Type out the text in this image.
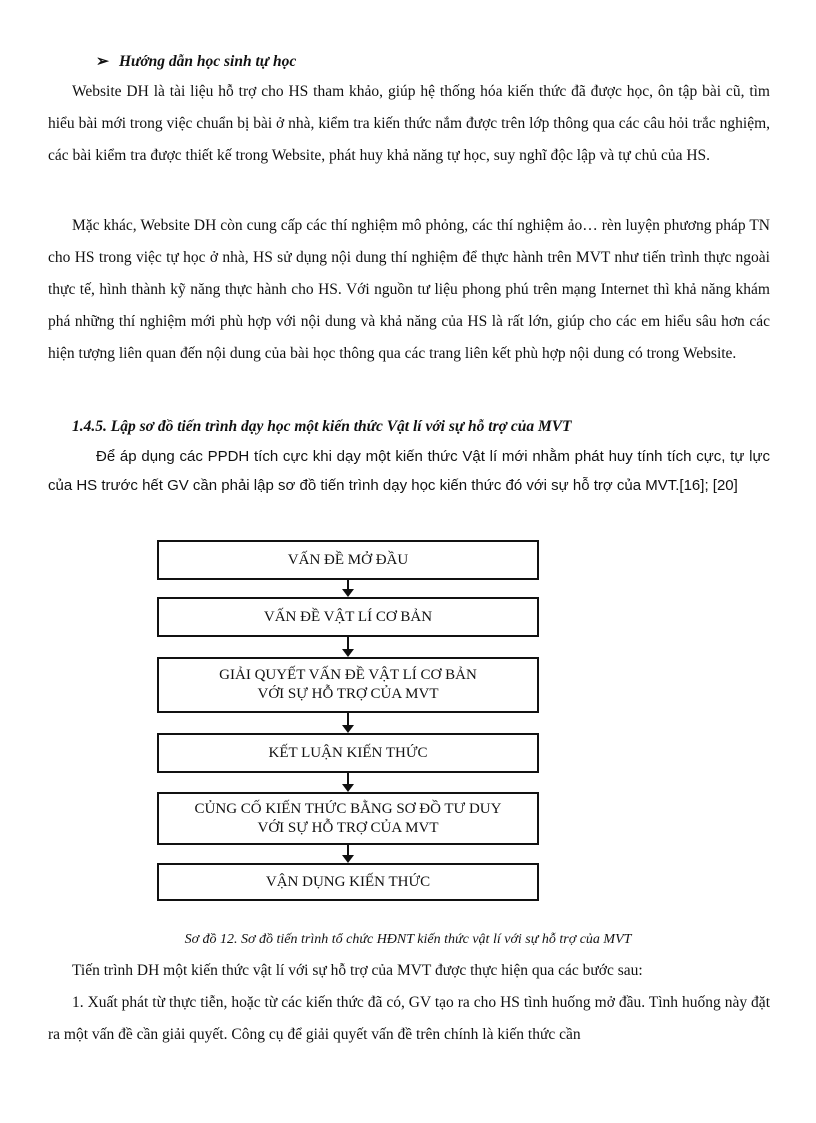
➢ Hướng dẫn học sinh tự học

Website DH là tài liệu hỗ trợ cho HS tham khảo, giúp hệ thống hóa kiến thức đã được học, ôn tập bài cũ, tìm hiểu bài mới trong việc chuẩn bị bài ở nhà, kiểm tra kiến thức nắm được trên lớp thông qua các câu hỏi trắc nghiệm, các bài kiểm tra được thiết kế trong Website, phát huy khả năng tự học, suy nghĩ độc lập và tự chủ của HS.

Mặc khác, Website DH còn cung cấp các thí nghiệm mô phỏng, các thí nghiệm ảo… rèn luyện phương pháp TN cho HS trong việc tự học ở nhà, HS sử dụng nội dung thí nghiệm để thực hành trên MVT như tiến trình thực ngoài thực tế, hình thành kỹ năng thực hành cho HS. Với nguồn tư liệu phong phú trên mạng Internet thì khả năng khám phá những thí nghiệm mới phù hợp với nội dung và khả năng của HS là rất lớn, giúp cho các em hiểu sâu hơn các hiện tượng liên quan đến nội dung của bài học thông qua các trang liên kết phù hợp nội dung có trong Website.

1.4.5. Lập sơ đồ tiến trình dạy học một kiến thức Vật lí với sự hỗ trợ của MVT

Để áp dụng các PPDH tích cực khi dạy một kiến thức Vật lí mới nhằm phát huy tính tích cực, tự lực của HS trước hết GV cần phải lập sơ đồ tiến trình dạy học kiến thức đó với sự hỗ trợ của MVT.[16]; [20]

VẤN ĐỀ MỞ ĐẦU
VẤN ĐỀ VẬT LÍ CƠ BẢN
GIẢI QUYẾT VẤN ĐỀ VẬT LÍ CƠ BẢN
VỚI SỰ HỖ TRỢ CỦA MVT
KẾT LUẬN KIẾN THỨC
CỦNG CỐ KIẾN THỨC BẰNG SƠ ĐỒ TƯ DUY
VỚI SỰ HỖ TRỢ CỦA MVT
VẬN DỤNG KIẾN THỨC
Sơ đồ 12. Sơ đồ tiến trình tổ chức HĐNT kiến thức vật lí với sự hỗ trợ của MVT

Tiến trình DH một kiến thức vật lí với sự hỗ trợ của MVT được thực hiện qua các bước sau:

1. Xuất phát từ thực tiễn, hoặc từ các kiến thức đã có, GV tạo ra cho HS tình huống mở đầu. Tình huống này đặt ra một vấn đề cần giải quyết. Công cụ để giải quyết vấn đề trên chính là kiến thức cần
